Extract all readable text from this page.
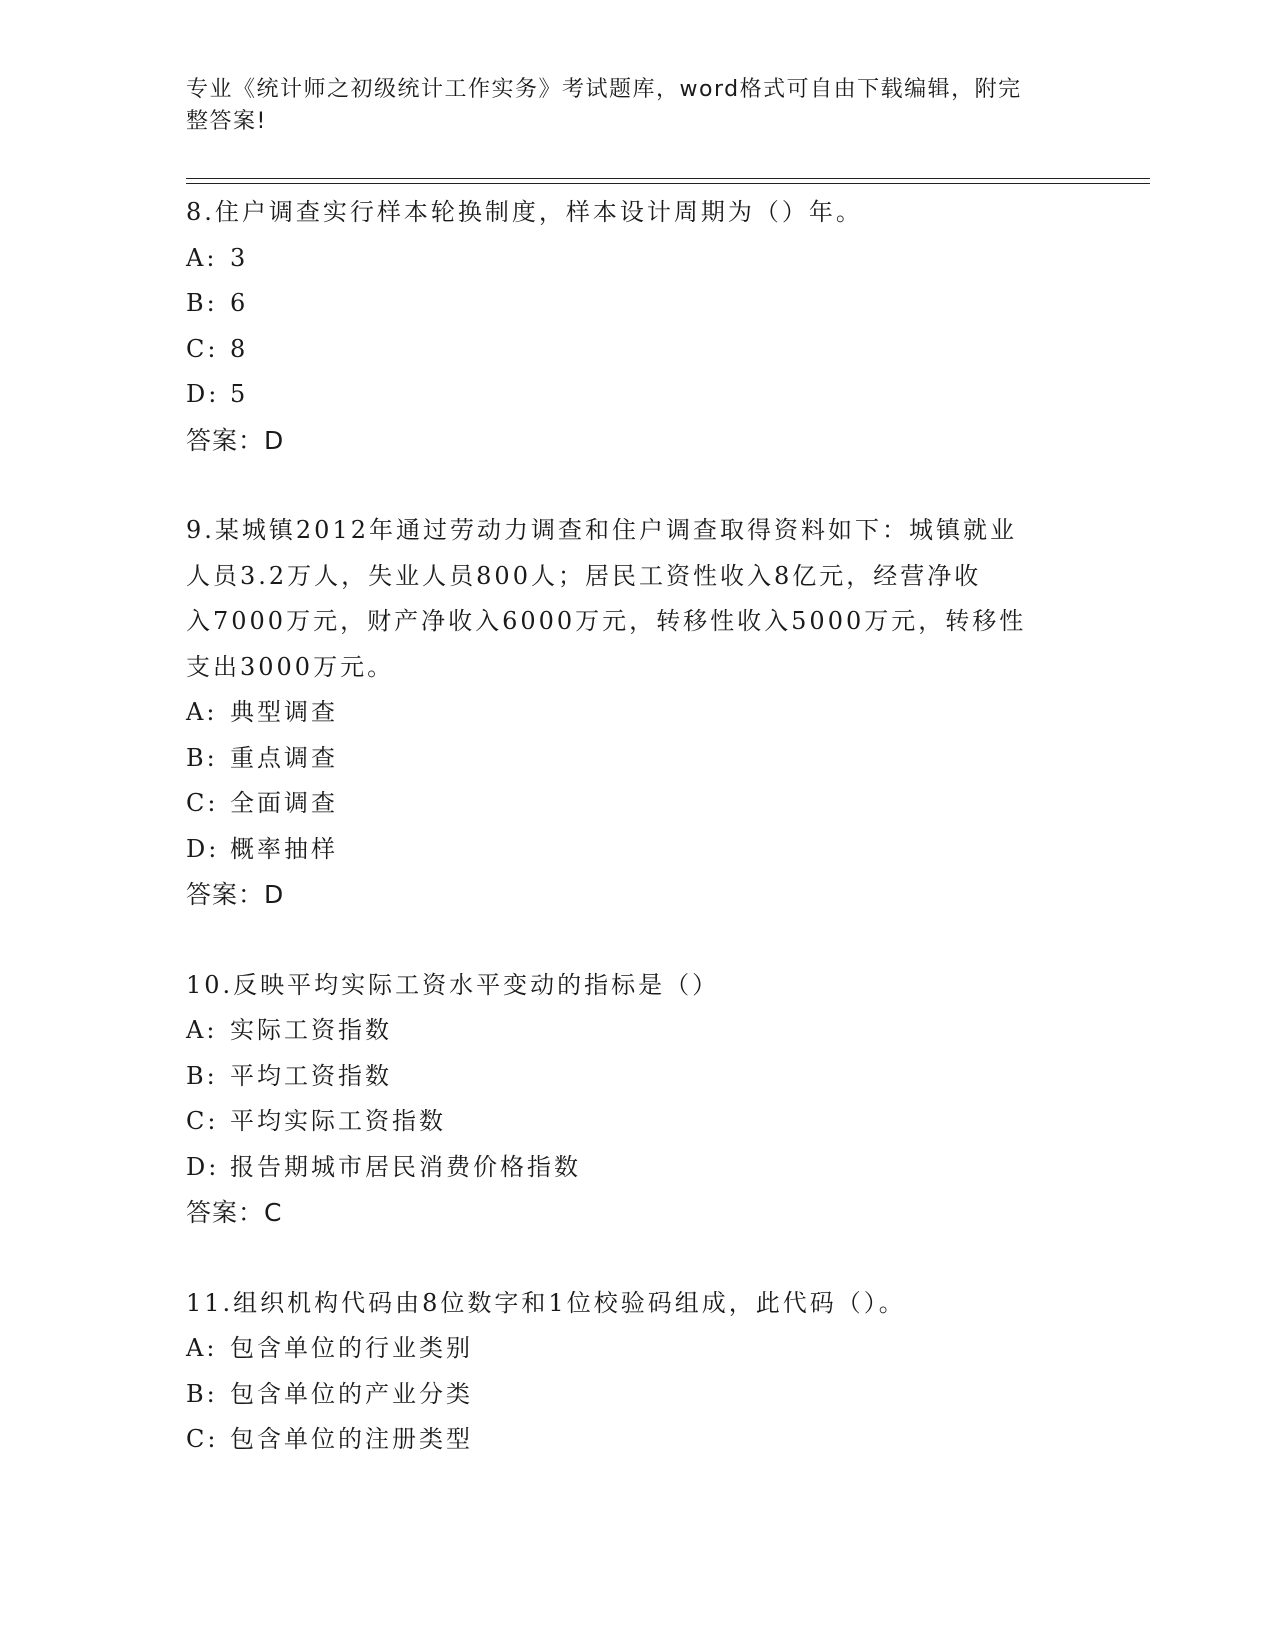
专业《统计师之初级统计工作实务》考试题库，word格式可自由下载编辑，附完
整答案!
8.住户调查实行样本轮换制度，样本设计周期为（）年。
A: 3
B: 6
C: 8
D: 5
答案：D
9.某城镇2012年通过劳动力调查和住户调查取得资料如下：城镇就业
人员3.2万人，失业人员800人；居民工资性收入8亿元，经营净收
入7000万元，财产净收入6000万元，转移性收入5000万元，转移性
支出3000万元。
A: 典型调查
B: 重点调查
C: 全面调查
D: 概率抽样
答案：D
10.反映平均实际工资水平变动的指标是（）
A: 实际工资指数
B: 平均工资指数
C: 平均实际工资指数
D: 报告期城市居民消费价格指数
答案：C
11.组织机构代码由8位数字和1位校验码组成，此代码（）。
A: 包含单位的行业类别
B: 包含单位的产业分类
C: 包含单位的注册类型
